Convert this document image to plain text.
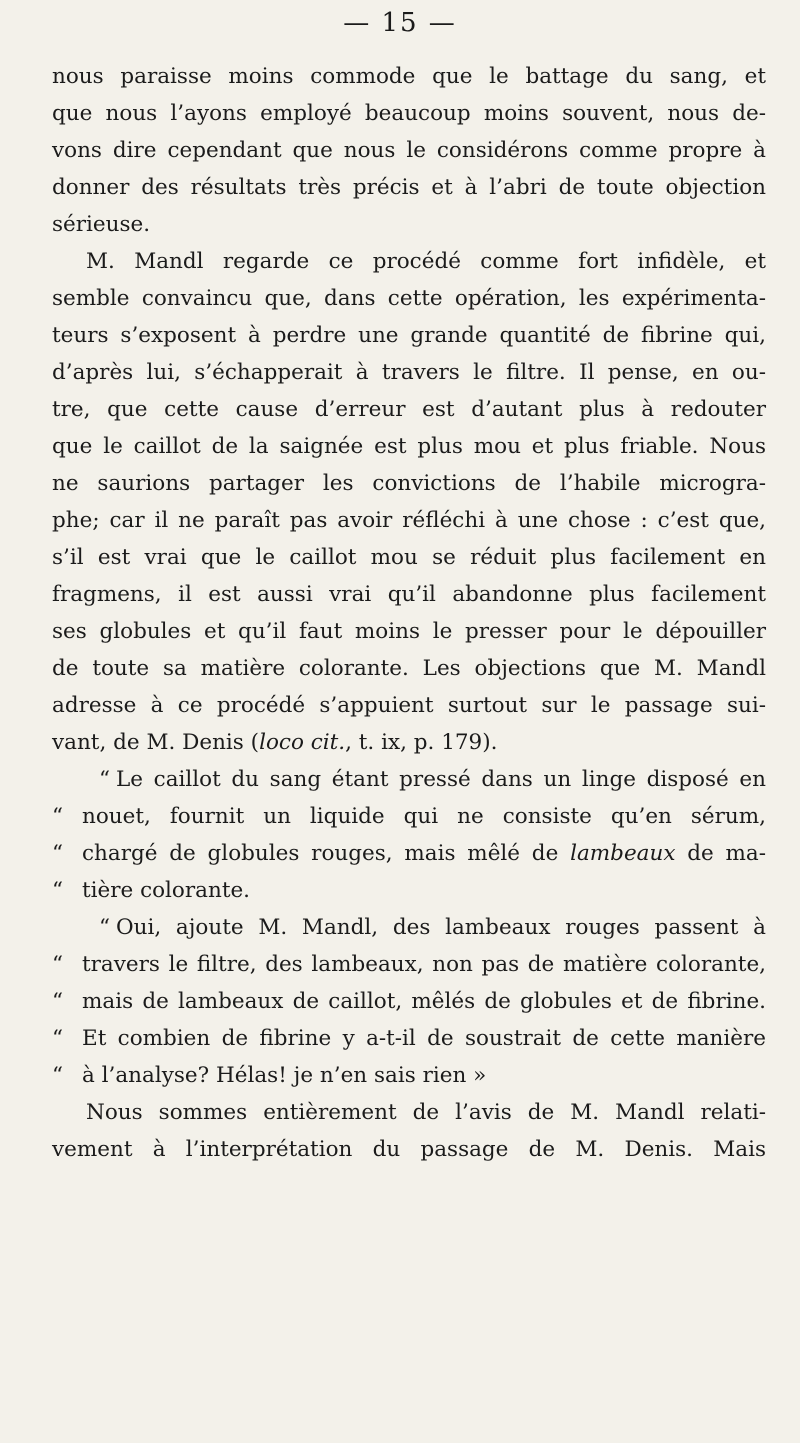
— 15 —
nous paraisse moins commode que le battage du sang, et
que nous l’ayons employé beaucoup moins souvent, nous de-
vons dire cependant que nous le considérons comme propre à
donner des résultats très précis et à l’abri de toute objection
sérieuse.
M. Mandl regarde ce procédé comme fort infidèle, et
semble convaincu que, dans cette opération, les expérimenta-
teurs s’exposent à perdre une grande quantité de fibrine qui,
d’après lui, s’échapperait à travers le filtre. Il pense, en ou-
tre, que cette cause d’erreur est d’autant plus à redouter
que le caillot de la saignée est plus mou et plus friable. Nous
ne saurions partager les convictions de l’habile microgra-
phe; car il ne paraît pas avoir réfléchi à une chose : c’est que,
s’il est vrai que le caillot mou se réduit plus facilement en
fragmens, il est aussi vrai qu’il abandonne plus facilement
ses globules et qu’il faut moins le presser pour le dépouiller
de toute sa matière colorante. Les objections que M. Mandl
adresse à ce procédé s’appuient surtout sur le passage sui-
vant, de M. Denis (loco cit., t. ix, p. 179).
“ Le caillot du sang étant pressé dans un linge disposé en
“ nouet, fournit un liquide qui ne consiste qu’en sérum,
“ chargé de globules rouges, mais mêlé de lambeaux de ma-
“ tière colorante.
“ Oui, ajoute M. Mandl, des lambeaux rouges passent à
“ travers le filtre, des lambeaux, non pas de matière colorante,
“ mais de lambeaux de caillot, mêlés de globules et de fibrine.
“ Et combien de fibrine y a-t-il de soustrait de cette manière
“ à l’analyse? Hélas! je n’en sais rien »
Nous sommes entièrement de l’avis de M. Mandl relati-
vement à l’interprétation du passage de M. Denis. Mais
